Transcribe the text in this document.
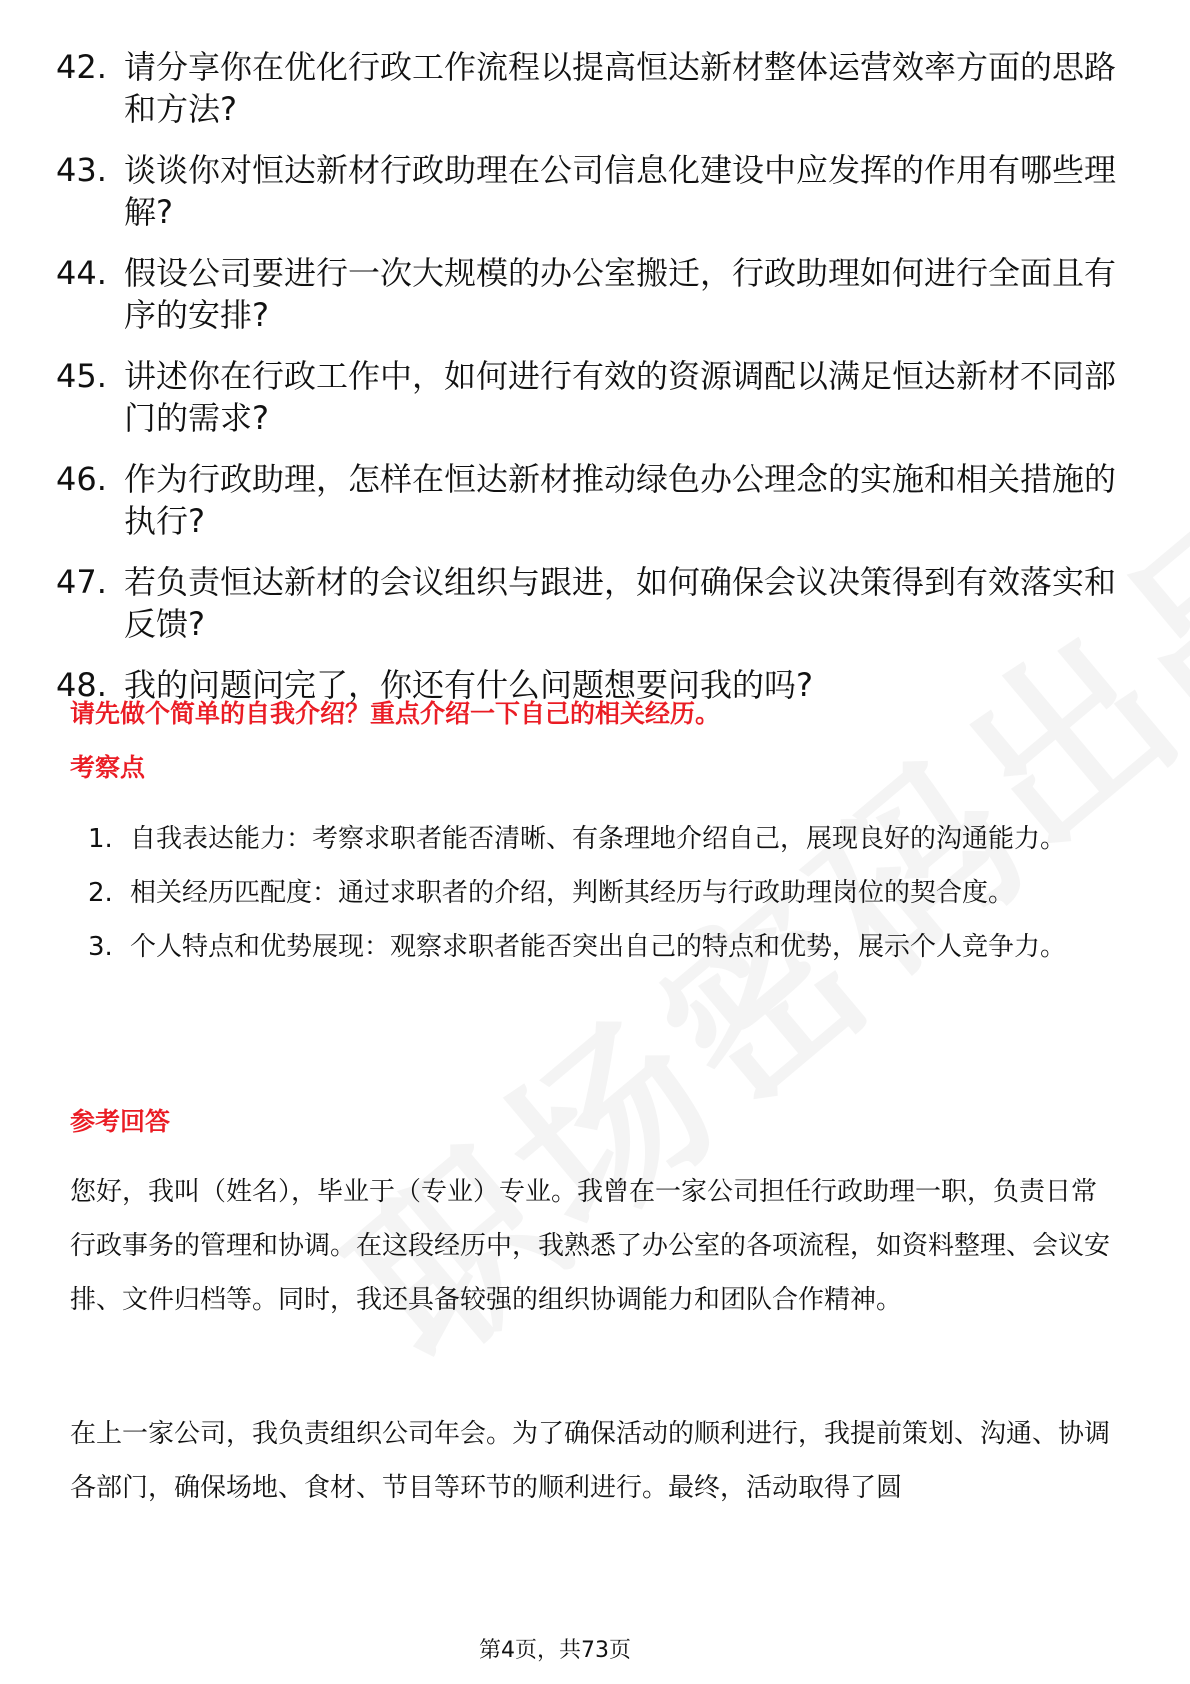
42. 请分享你在优化行政工作流程以提高恒达新材整体运营效率方面的思路和方法?
43. 谈谈你对恒达新材行政助理在公司信息化建设中应发挥的作用有哪些理解?
44. 假设公司要进行一次大规模的办公室搬迁，行政助理如何进行全面且有序的安排?
45. 讲述你在行政工作中，如何进行有效的资源调配以满足恒达新材不同部门的需求?
46. 作为行政助理，怎样在恒达新材推动绿色办公理念的实施和相关措施的执行?
47. 若负责恒达新材的会议组织与跟进，如何确保会议决策得到有效落实和反馈?
48. 我的问题问完了，你还有什么问题想要问我的吗?
请先做个简单的自我介绍？重点介绍一下自己的相关经历。
考察点
1. 自我表达能力：考察求职者能否清晰、有条理地介绍自己，展现良好的沟通能力。
2. 相关经历匹配度：通过求职者的介绍，判断其经历与行政助理岗位的契合度。
3. 个人特点和优势展现：观察求职者能否突出自己的特点和优势，展示个人竞争力。
参考回答
您好，我叫（姓名），毕业于（专业）专业。我曾在一家公司担任行政助理一职，负责日常行政事务的管理和协调。在这段经历中，我熟悉了办公室的各项流程，如资料整理、会议安排、文件归档等。同时，我还具备较强的组织协调能力和团队合作精神。
在上一家公司，我负责组织公司年会。为了确保活动的顺利进行，我提前策划、沟通、协调各部门，确保场地、食材、节目等环节的顺利进行。最终，活动取得了圆
第4页，共73页
